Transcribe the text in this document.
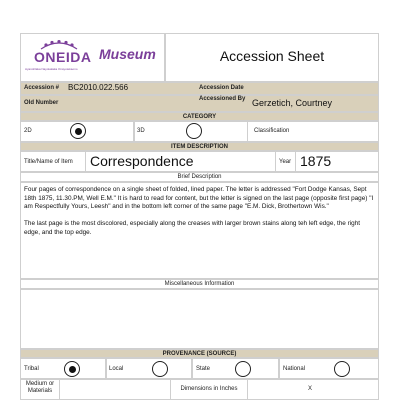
ONEIDA
Ayanohlaka Nayokalaka Onayotekaono
Museum	Accession Sheet
Accession # BC2010.022.566	Accession Date
Old Number
Accessioned By Gerzetich, Courtney
CATEGORY
2D	3D	Classification
ITEM DESCRIPTION
Title/Name of Item Correspondence	Year 1875
Brief Description
Four pages of correspondence on a single sheet of folded, lined paper. The letter is addressed "Fort Dodge Kansas, Sept 18th 1875, 11.30.PM, Well E.M." It is hard to read for content, but the letter is signed on the last page (opposite first page) "I am Respectfully Yours, Leesh" and in the bottom left corner of the same page "E.M. Dick, Brothertown Wis."
The last page is the most discolored, especially along the creases with larger brown stains along teh left edge, the right edge, and the top edge.
Miscellaneous Information
PROVENANCE (SOURCE)
Tribal	Local	State	National
Medium or Materials	Dimensions in Inches	X
